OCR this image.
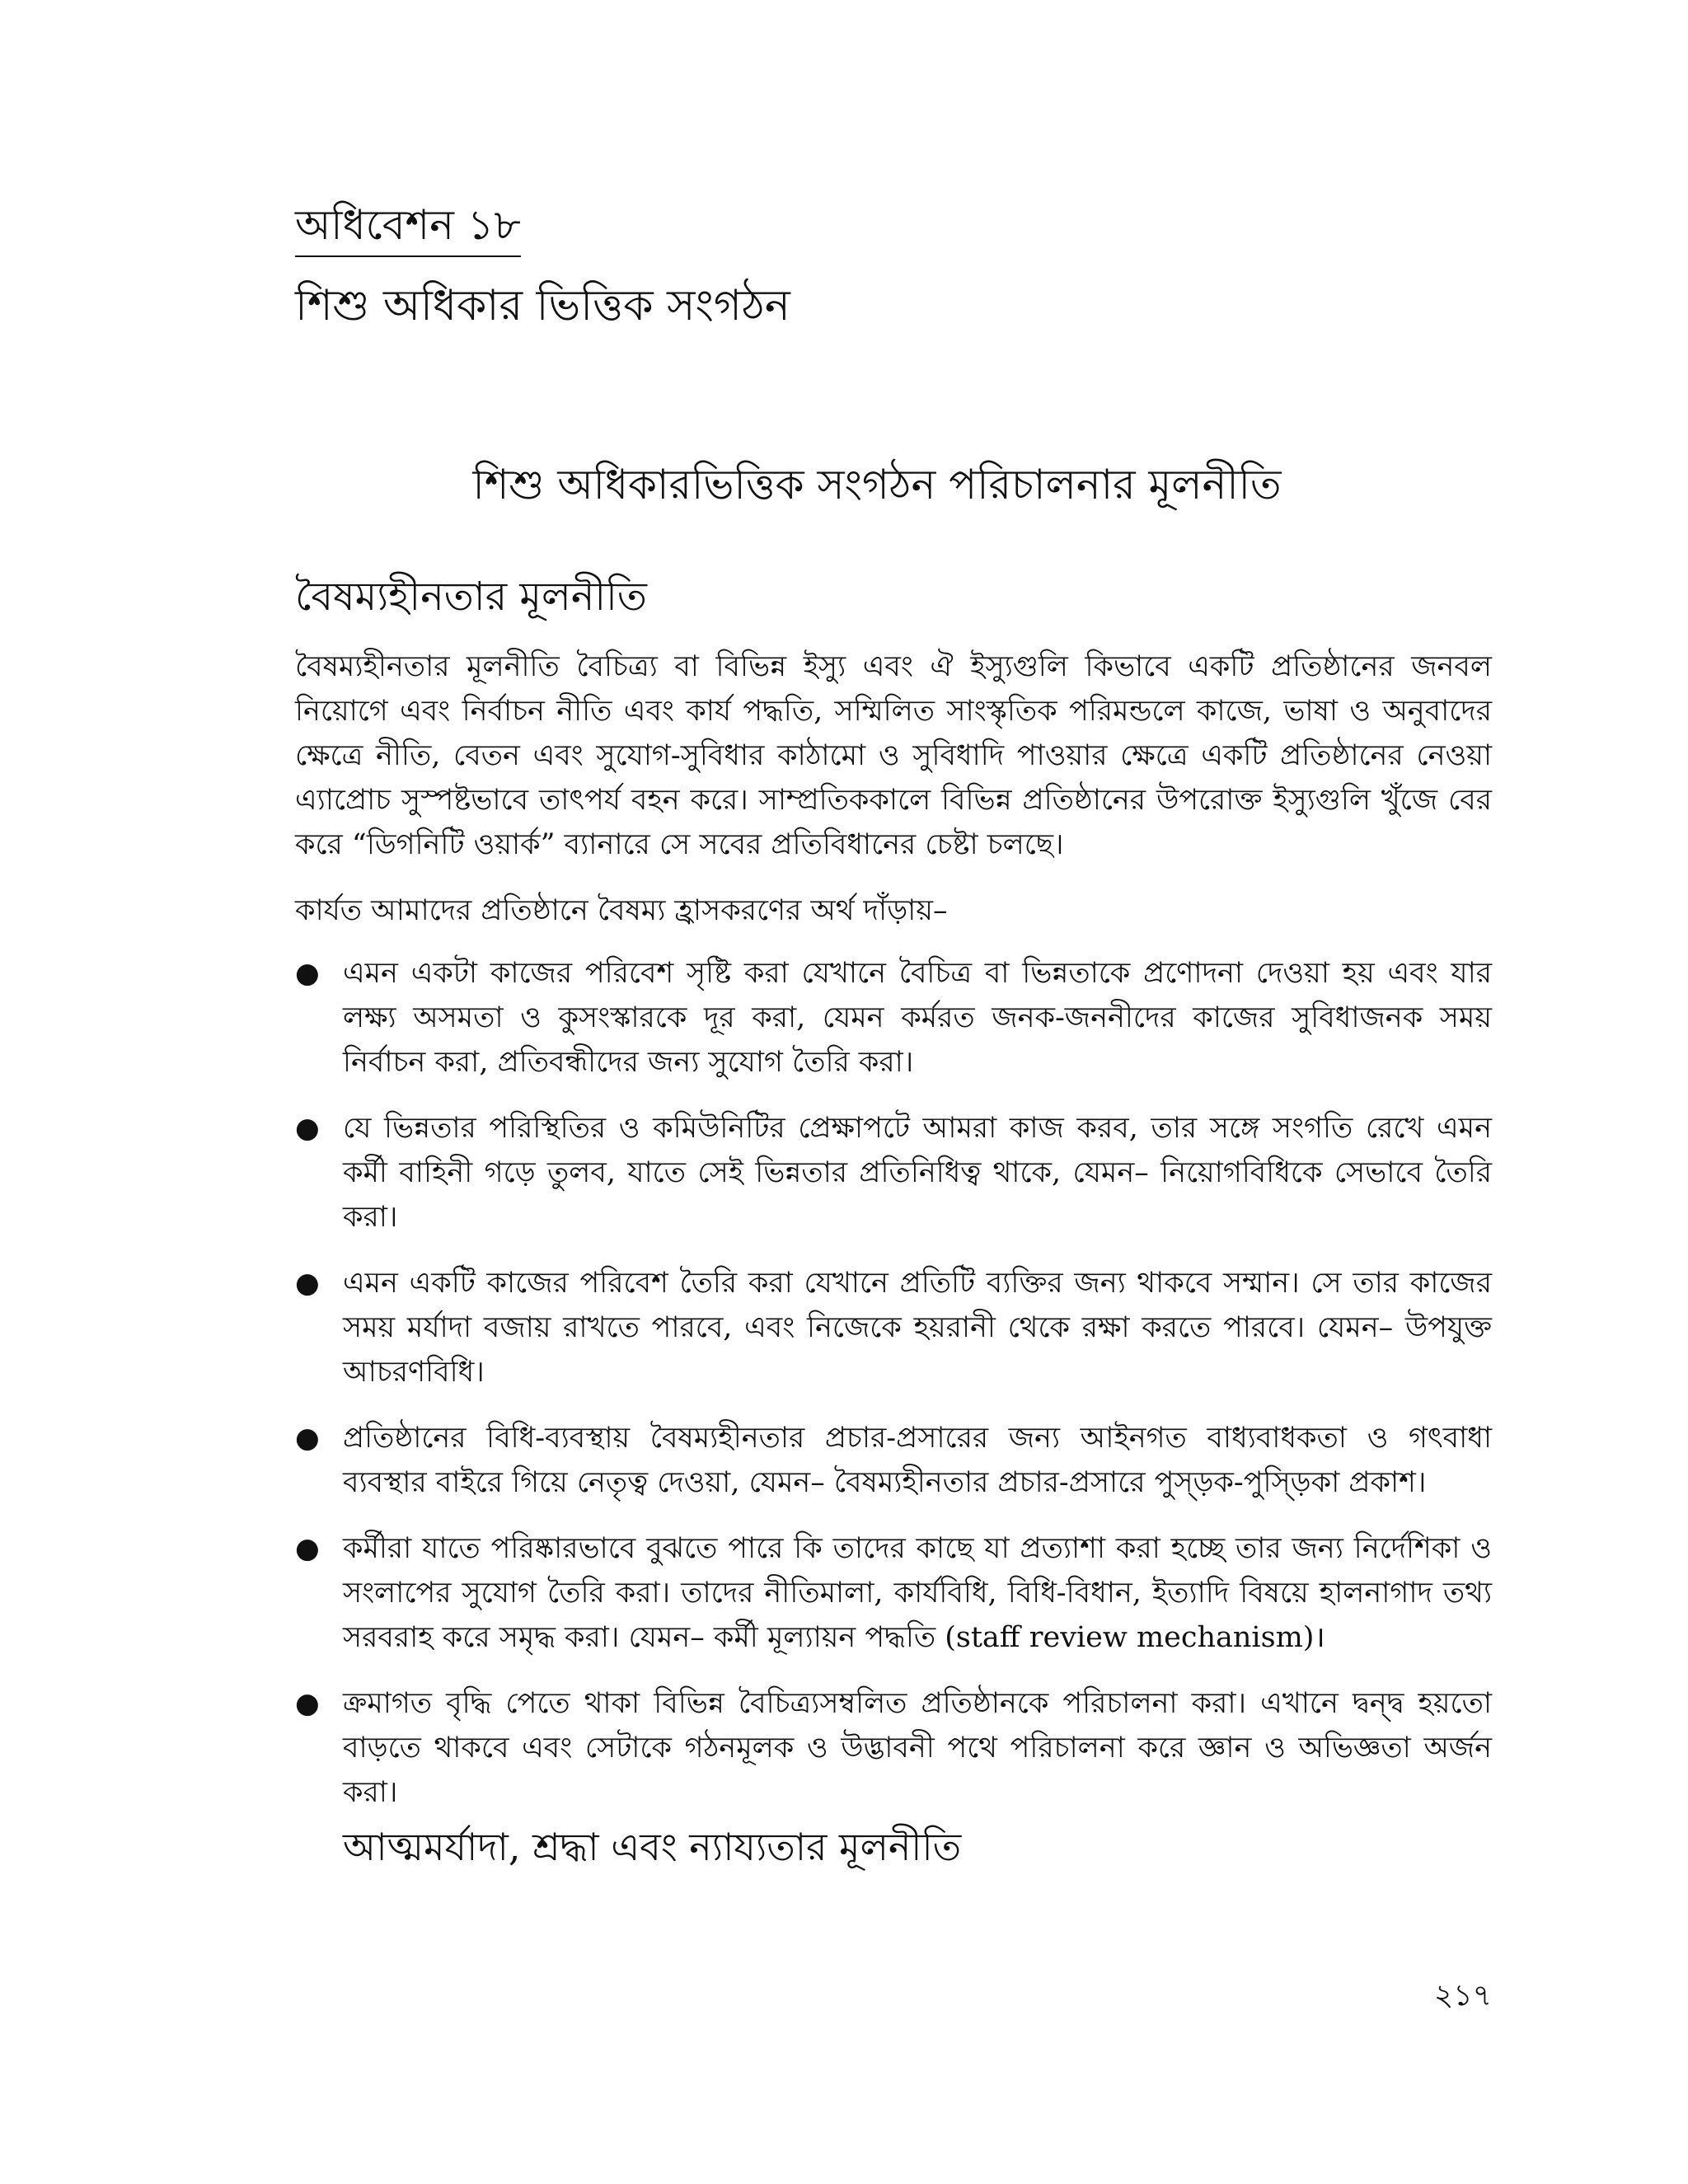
অধিবেশন ১৮
শিশু অধিকার ভিত্তিক সংগঠন
শিশু অধিকারভিত্তিক সংগঠন পরিচালনার মূলনীতি
বৈষম্যহীনতার মূলনীতি

বৈষম্যহীনতার মূলনীতি বৈচিত্র্য বা বিভিন্ন ইস্যু এবং ঐ ইস্যুগুলি কিভাবে একটি প্রতিষ্ঠানের জনবল নিয়োগে এবং নির্বাচন নীতি এবং কার্য পদ্ধতি, সম্মিলিত সাংস্কৃতিক পরিমন্ডলে কাজে, ভাষা ও অনুবাদের ক্ষেত্রে নীতি, বেতন এবং সুযোগ-সুবিধার কাঠামো ও সুবিধাদি পাওয়ার ক্ষেত্রে একটি প্রতিষ্ঠানের নেওয়া এ্যাপ্রোচ সুস্পষ্টভাবে তাৎপর্য বহন করে। সাম্প্রতিককালে বিভিন্ন প্রতিষ্ঠানের উপরোক্ত ইস্যুগুলি খুঁজে বের করে “ডিগনিটি ওয়ার্ক” ব্যানারে সে সবের প্রতিবিধানের চেষ্টা চলছে।

কার্যত আমাদের প্রতিষ্ঠানে বৈষম্য হ্রাসকরণের অর্থ দাঁড়ায়–

● এমন একটা কাজের পরিবেশ সৃষ্টি করা যেখানে বৈচিত্র বা ভিন্নতাকে প্রণোদনা দেওয়া হয় এবং যার লক্ষ্য অসমতা ও কুসংস্কারকে দূর করা, যেমন কর্মরত জনক-জননীদের কাজের সুবিধাজনক সময় নির্বাচন করা, প্রতিবন্ধীদের জন্য সুযোগ তৈরি করা।
● যে ভিন্নতার পরিস্থিতির ও কমিউনিটির প্রেক্ষাপটে আমরা কাজ করব, তার সঙ্গে সংগতি রেখে এমন কর্মী বাহিনী গড়ে তুলব, যাতে সেই ভিন্নতার প্রতিনিধিত্ব থাকে, যেমন– নিয়োগবিধিকে সেভাবে তৈরি করা।
● এমন একটি কাজের পরিবেশ তৈরি করা যেখানে প্রতিটি ব্যক্তির জন্য থাকবে সম্মান। সে তার কাজের সময় মর্যাদা বজায় রাখতে পারবে, এবং নিজেকে হয়রানী থেকে রক্ষা করতে পারবে। যেমন– উপযুক্ত আচরণবিধি।
● প্রতিষ্ঠানের বিধি-ব্যবস্থায় বৈষম্যহীনতার প্রচার-প্রসারের জন্য আইনগত বাধ্যবাধকতা ও গৎবাধা ব্যবস্থার বাইরে গিয়ে নেতৃত্ব দেওয়া, যেমন– বৈষম্যহীনতার প্রচার-প্রসারে পুস্ড়ক-পুস্ড়িকা প্রকাশ।
● কর্মীরা যাতে পরিষ্কারভাবে বুঝতে পারে কি তাদের কাছে যা প্রত্যাশা করা হচ্ছে তার জন্য নির্দেশিকা ও সংলাপের সুযোগ তৈরি করা। তাদের নীতিমালা, কার্যবিধি, বিধি-বিধান, ইত্যাদি বিষয়ে হালনাগাদ তথ্য সরবরাহ করে সমৃদ্ধ করা। যেমন– কর্মী মূল্যায়ন পদ্ধতি (staff review mechanism)।
● ক্রমাগত বৃদ্ধি পেতে থাকা বিভিন্ন বৈচিত্র্যসম্বলিত প্রতিষ্ঠানকে পরিচালনা করা। এখানে দ্বন্দ্ব হয়তো বাড়তে থাকবে এবং সেটাকে গঠনমূলক ও উদ্ভাবনী পথে পরিচালনা করে জ্ঞান ও অভিজ্ঞতা অর্জন করা।
আত্মমর্যাদা, শ্রদ্ধা এবং ন্যায্যতার মূলনীতি
২১৭
